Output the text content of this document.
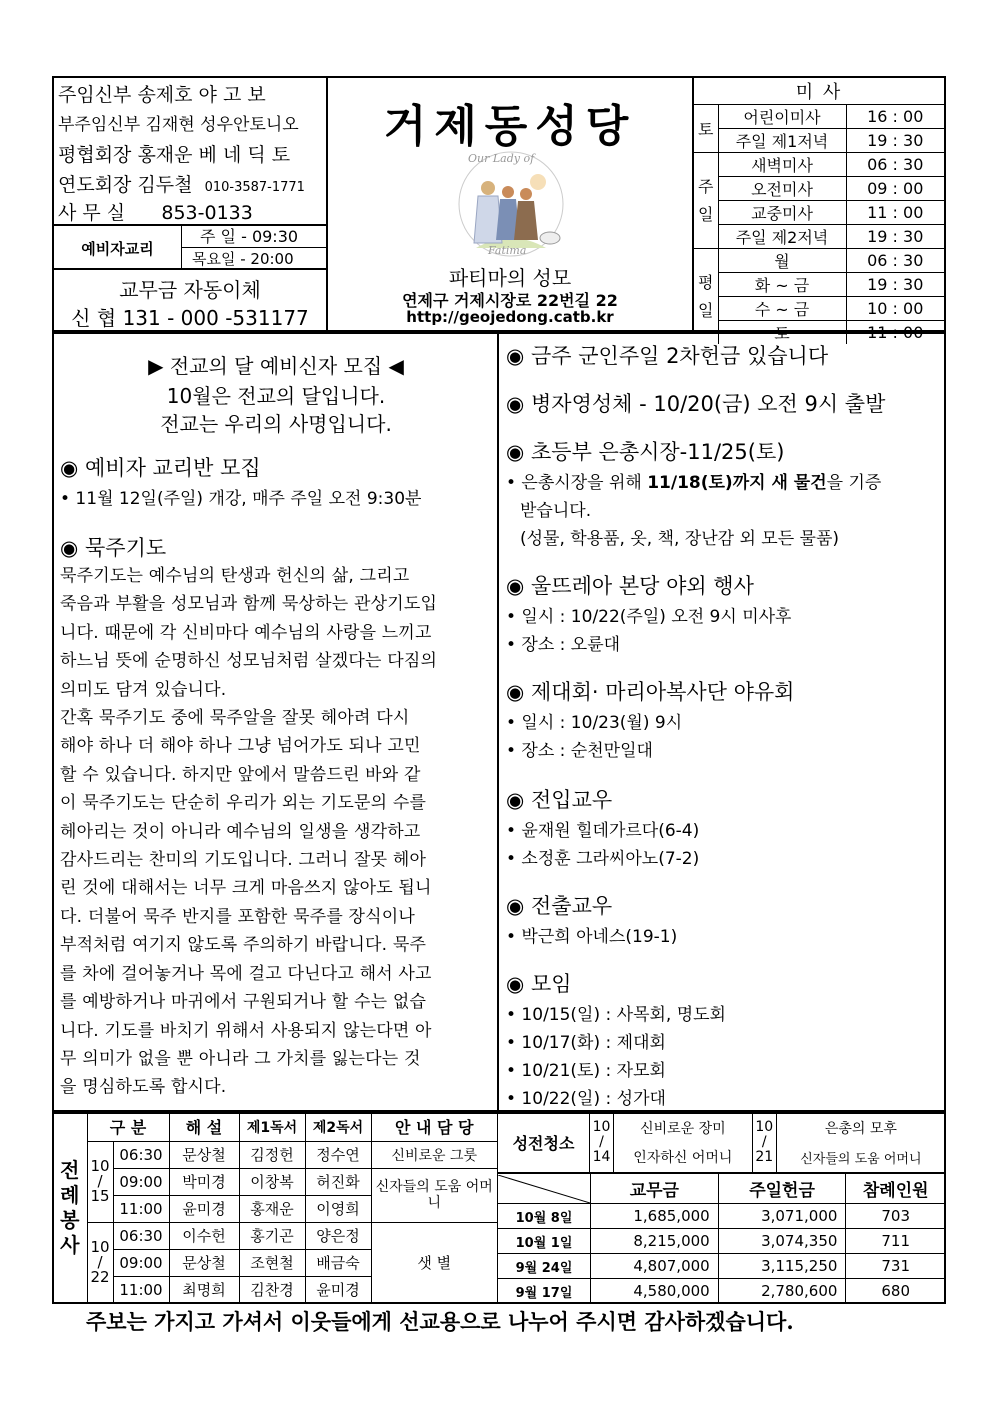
주임신부 송제호 야 고 보
부주임신부 김재현 성우안토니오
평협회장 홍재운 베 네 딕 토
연도회장 김두철 010-3587-1771
사 무 실      853-0133
예비자교리
주 일 - 09:30
목요일 - 20:00
교무금 자동이체
신 협 131 - 000 -531177
거제동성당
Our Lady of
Fatima
파티마의 성모
연제구 거제시장로 22번길 22
http://geojedong.catb.kr
미 사		
토	어린이미사	16 : 00
	주일 제1저녁	19 : 30
주

일	새벽미사	06 : 30
	오전미사	09 : 00
	교중미사	11 : 00
	주일 제2저녁	19 : 30
평

일	월	06 : 30
	화 ~ 금	19 : 30
	수 ~ 금	10 : 00
	토	11 : 00
▶ 전교의 달 예비신자 모집 ◀
10월은 전교의 달입니다.
전교는 우리의 사명입니다.
◉ 예비자 교리반 모집
• 11월 12일(주일) 개강, 매주 주일 오전 9:30분
◉ 묵주기도
묵주기도는 예수님의 탄생과 헌신의 삶, 그리고
죽음과 부활을 성모님과 함께 묵상하는 관상기도입
니다. 때문에 각 신비마다 예수님의 사랑을 느끼고
하느님 뜻에 순명하신 성모님처럼 살겠다는 다짐의
의미도 담겨 있습니다.
간혹 묵주기도 중에 묵주알을 잘못 헤아려 다시
해야 하나 더 해야 하나 그냥 넘어가도 되나 고민
할 수 있습니다. 하지만 앞에서 말씀드린 바와 같
이 묵주기도는 단순히 우리가 외는 기도문의 수를
헤아리는 것이 아니라 예수님의 일생을 생각하고
감사드리는 찬미의 기도입니다. 그러니 잘못 헤아
린 것에 대해서는 너무 크게 마음쓰지 않아도 됩니
다. 더불어 묵주 반지를 포함한 묵주를 장식이나
부적처럼 여기지 않도록 주의하기 바랍니다. 묵주
를 차에 걸어놓거나 목에 걸고 다닌다고 해서 사고
를 예방하거나 마귀에서 구원되거나 할 수는 없습
니다. 기도를 바치기 위해서 사용되지 않는다면 아
무 의미가 없을 뿐 아니라 그 가치를 잃는다는 것
을 명심하도록 합시다.
◉ 금주 군인주일 2차헌금 있습니다
◉ 병자영성체 - 10/20(금) 오전 9시 출발
◉ 초등부 은총시장-11/25(토)
• 은총시장을 위해 11/18(토)까지 새 물건을 기증
받습니다.
(성물, 학용품, 옷, 책, 장난감 외 모든 물품)
◉ 울뜨레아 본당 야외 행사
• 일시 : 10/22(주일) 오전 9시 미사후
• 장소 : 오륜대
◉ 제대회· 마리아복사단 야유회
• 일시 : 10/23(월) 9시
• 장소 : 순천만일대
◉ 전입교우
• 윤재원 힐데가르다(6-4)
• 소정훈 그라씨아노(7-2)
◉ 전출교우
• 박근희 아네스(19-1)
◉ 모임
• 10/15(일) : 사목회, 명도회
• 10/17(화) : 제대회
• 10/21(토) : 자모회
• 10/22(일) : 성가대
전
례
봉
사	구 분		해 설	제1독서	제2독서	안 내 담 당
	10
/
15	06:30	문상철	김정헌	정수연	신비로운 그룻
		09:00	박미경	이창복	허진화	신자들의 도움 어머니
		11:00	윤미경	홍재운	이영희	
	10
/
22	06:30	이수헌	홍기곤	양은정	샛 별
		09:00	문상철	조현철	배금숙	
		11:00	최명희	김찬경	윤미경	
성전청소	10
/
14	신비로운 장미	10
/
21	은총의 모후
		인자하신 어머니		신자들의 도움 어머니
	교무금	주일헌금	참례인원
10월 8일	1,685,000	3,071,000	703
10월 1일	8,215,000	3,074,350	711
9월 24일	4,807,000	3,115,250	731
9월 17일	4,580,000	2,780,600	680
주보는 가지고 가셔서 이웃들에게 선교용으로 나누어 주시면 감사하겠습니다.
